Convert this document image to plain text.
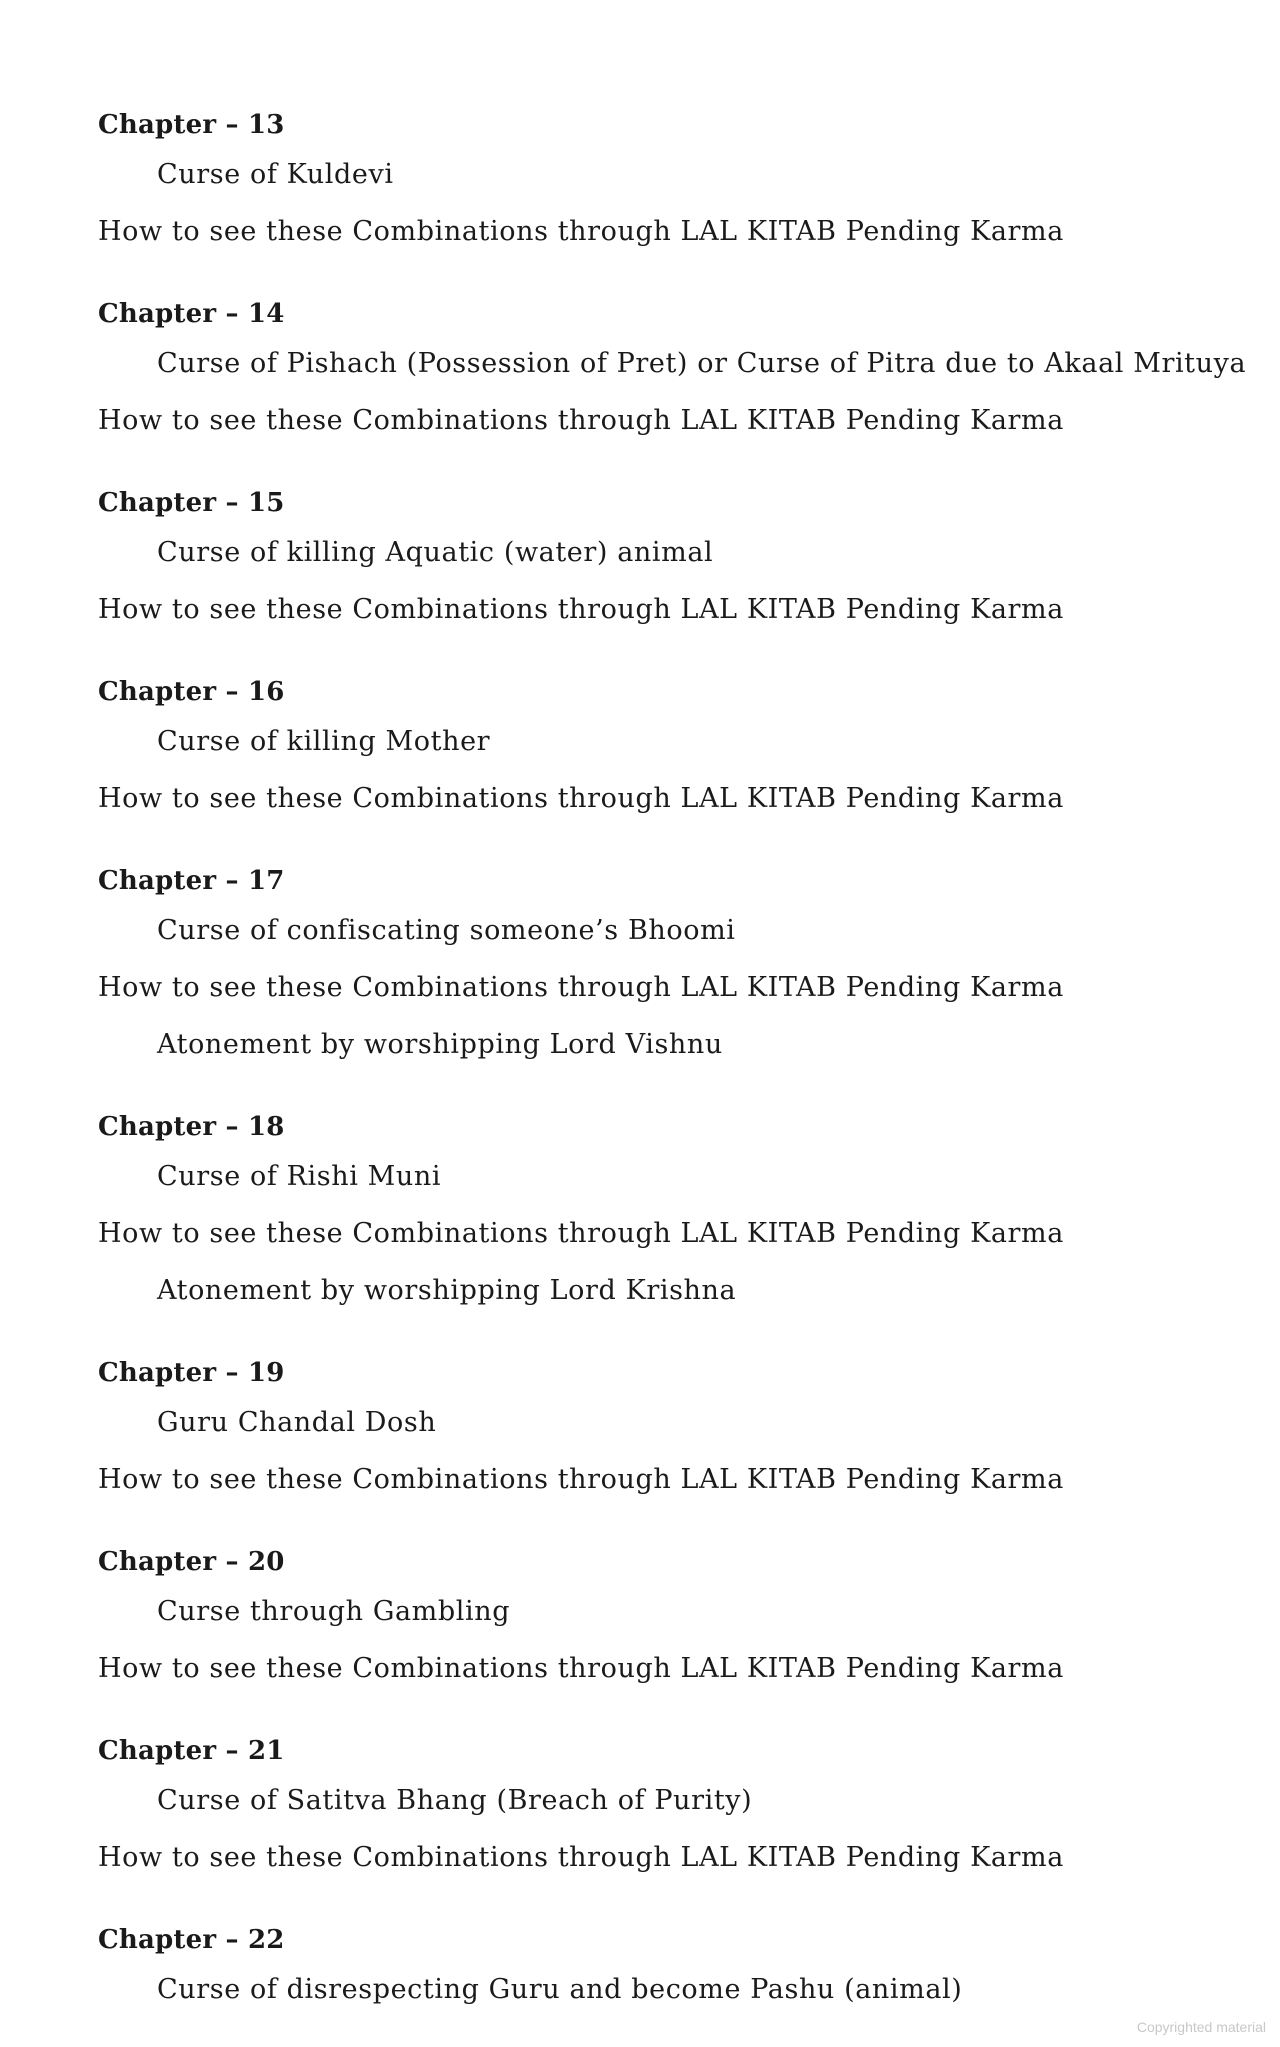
Chapter – 13
Curse of Kuldevi
How to see these Combinations through LAL KITAB Pending Karma
Chapter – 14
Curse of Pishach (Possession of Pret) or Curse of Pitra due to Akaal Mrituya
How to see these Combinations through LAL KITAB Pending Karma
Chapter – 15
Curse of killing Aquatic (water) animal
How to see these Combinations through LAL KITAB Pending Karma
Chapter – 16
Curse of killing Mother
How to see these Combinations through LAL KITAB Pending Karma
Chapter – 17
Curse of confiscating someone’s Bhoomi
How to see these Combinations through LAL KITAB Pending Karma
Atonement by worshipping Lord Vishnu
Chapter – 18
Curse of Rishi Muni
How to see these Combinations through LAL KITAB Pending Karma
Atonement by worshipping Lord Krishna
Chapter – 19
Guru Chandal Dosh
How to see these Combinations through LAL KITAB Pending Karma
Chapter – 20
Curse through Gambling
How to see these Combinations through LAL KITAB Pending Karma
Chapter – 21
Curse of Satitva Bhang (Breach of Purity)
How to see these Combinations through LAL KITAB Pending Karma
Chapter – 22
Curse of disrespecting Guru and become Pashu (animal)
Copyrighted material
